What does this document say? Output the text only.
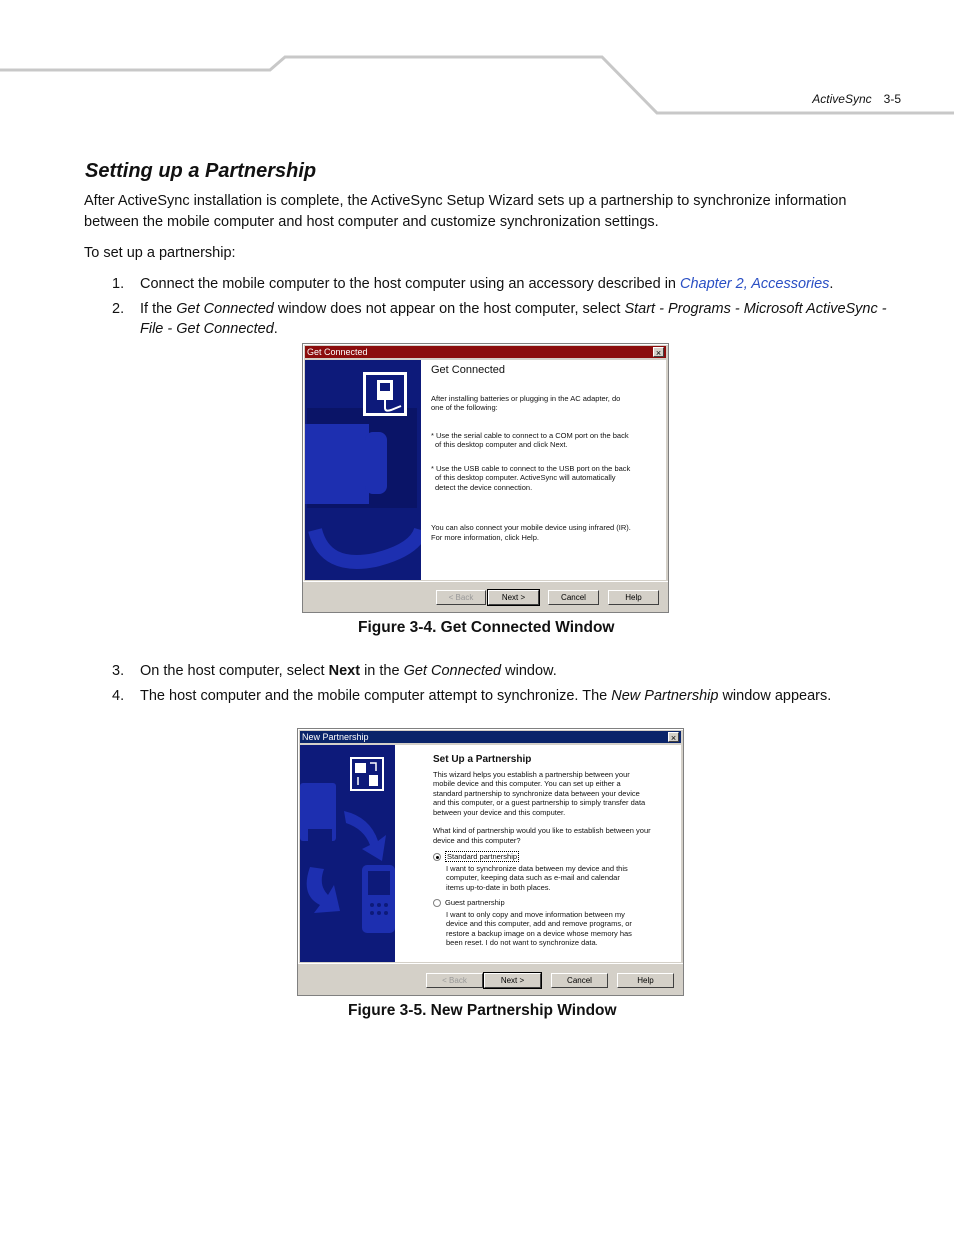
ActiveSync 3-5
Setting up a Partnership

After ActiveSync installation is complete, the ActiveSync Setup Wizard sets up a partnership to synchronize information between the mobile computer and host computer and customize synchronization settings.

To set up a partnership:

1. Connect the mobile computer to the host computer using an accessory described in Chapter 2, Accessories.
2. If the Get Connected window does not appear on the host computer, select Start - Programs - Microsoft ActiveSync - File - Get Connected.
Get Connected	×

Get Connected

After installing batteries or plugging in the AC adapter, do

one of the following:

* Use the serial cable to connect to a COM port on the back

of this desktop computer and click Next.

* Use the USB cable to connect to the USB port on the back

of this desktop computer. ActiveSync will automatically

detect the device connection.

You can also connect your mobile device using infrared (IR).

For more information, click Help.

< Back	Next >	Cancel	Help
Figure 3-4. Get Connected Window
3. On the host computer, select Next in the Get Connected window.
4. The host computer and the mobile computer attempt to synchronize. The New Partnership window appears.
New Partnership	×

Set Up a Partnership

This wizard helps you establish a partnership between your

mobile device and this computer. You can set up either a

standard partnership to synchronize data between your device

and this computer, or a guest partnership to simply transfer data

between your device and this computer.

What kind of partnership would you like to establish between your

device and this computer?

Standard partnership

I want to synchronize data between my device and this

computer, keeping data such as e-mail and calendar

items up-to-date in both places.

Guest partnership

I want to only copy and move information between my

device and this computer, add and remove programs, or

restore a backup image on a device whose memory has

been reset. I do not want to synchronize data.

< Back	Next >	Cancel	Help
Figure 3-5. New Partnership Window
